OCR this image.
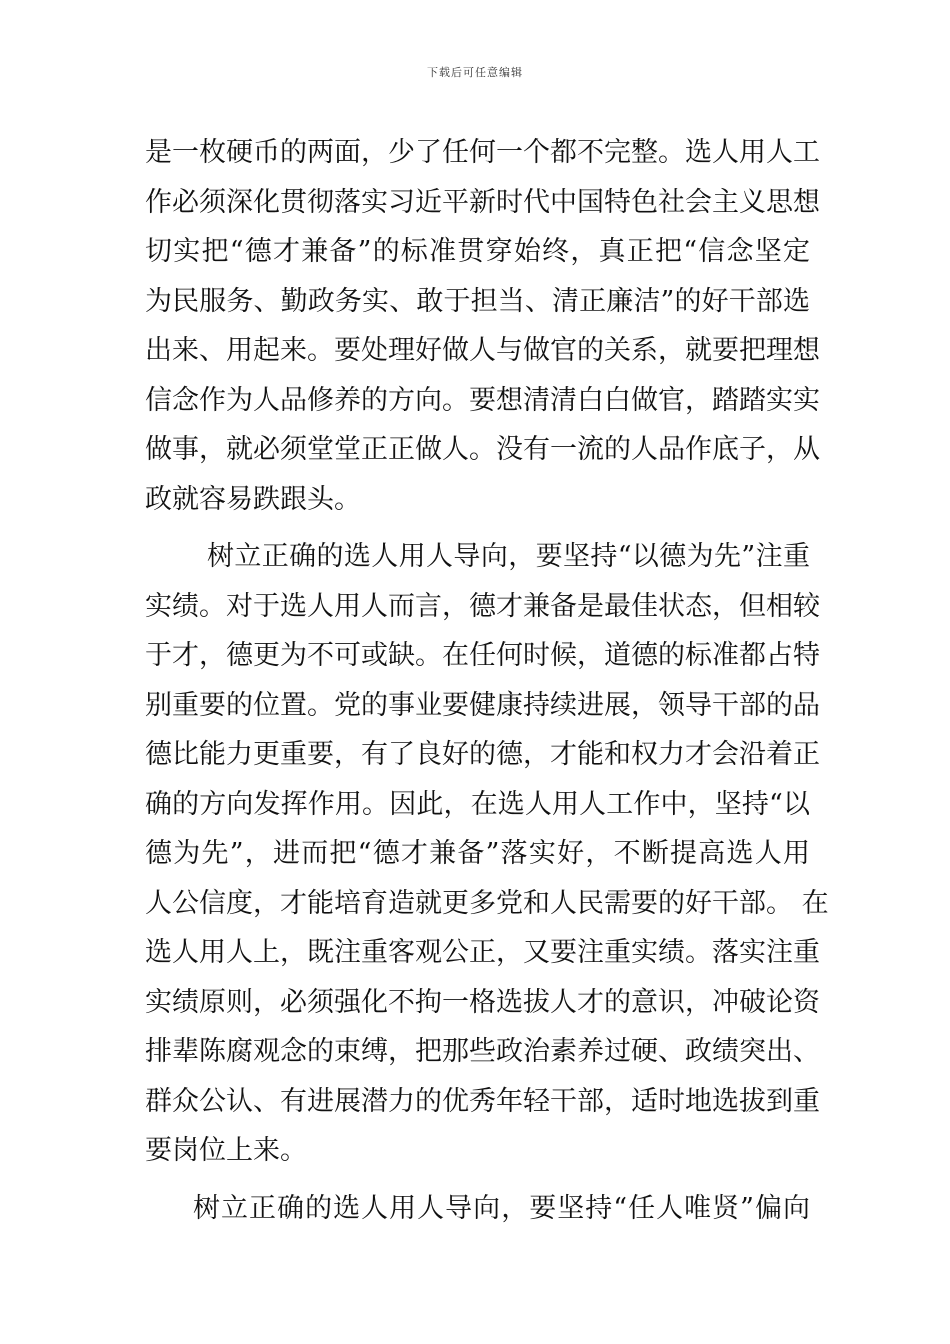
下载后可任意编辑
是一枚硬币的两面，少了任何一个都不完整。选人用人工
作必须深化贯彻落实习近平新时代中国特色社会主义思想
切实把“德才兼备”的标准贯穿始终，真正把“信念坚定
为民服务、勤政务实、敢于担当、清正廉洁”的好干部选
出来、用起来。要处理好做人与做官的关系，就要把理想
信念作为人品修养的方向。要想清清白白做官，踏踏实实
做事，就必须堂堂正正做人。没有一流的人品作底子，从
政就容易跌跟头。
树立正确的选人用人导向，要坚持“以德为先”注重
实绩。对于选人用人而言，德才兼备是最佳状态，但相较
于才，德更为不可或缺。在任何时候，道德的标准都占特
别重要的位置。党的事业要健康持续进展，领导干部的品
德比能力更重要，有了良好的德，才能和权力才会沿着正
确的方向发挥作用。因此，在选人用人工作中，坚持“以
德为先”，进而把“德才兼备”落实好，不断提高选人用
人公信度，才能培育造就更多党和人民需要的好干部。 在
选人用人上，既注重客观公正，又要注重实绩。落实注重
实绩原则，必须强化不拘一格选拔人才的意识，冲破论资
排辈陈腐观念的束缚，把那些政治素养过硬、政绩突出、
群众公认、有进展潜力的优秀年轻干部，适时地选拔到重
要岗位上来。
树立正确的选人用人导向，要坚持“任人唯贤”偏向
